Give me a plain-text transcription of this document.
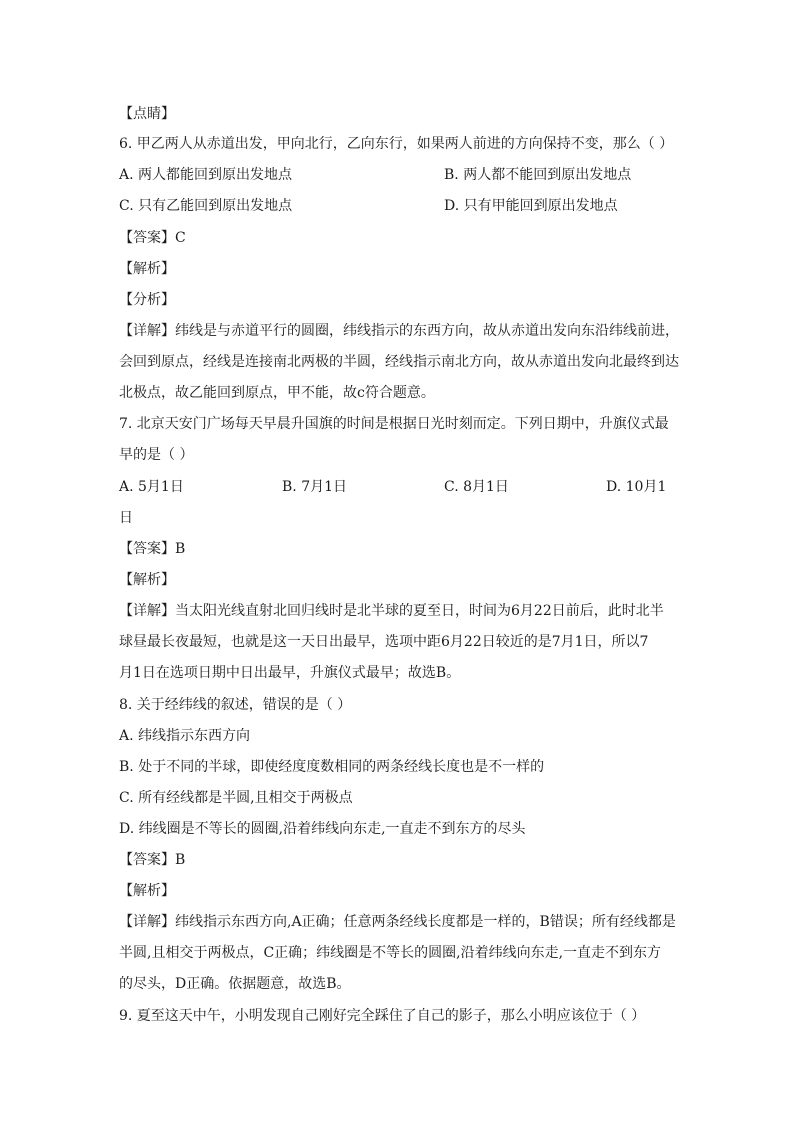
【点睛】
6. 甲乙两人从赤道出发，甲向北行，乙向东行，如果两人前进的方向保持不变，那么（ ）
A. 两人都能回到原出发地点	B. 两人都不能回到原出发地点
C. 只有乙能回到原出发地点	D. 只有甲能回到原出发地点
【答案】C
【解析】
【分析】
【详解】纬线是与赤道平行的圆圈，纬线指示的东西方向，故从赤道出发向东沿纬线前进，
会回到原点，经线是连接南北两极的半圆，经线指示南北方向，故从赤道出发向北最终到达
北极点，故乙能回到原点，甲不能，故c符合题意。
7. 北京天安门广场每天早晨升国旗的时间是根据日光时刻而定。下列日期中，升旗仪式最
早的是（ ）
A. 5月1日	B. 7月1日	C. 8月1日	D. 10月1
日
【答案】B
【解析】
【详解】当太阳光线直射北回归线时是北半球的夏至日，时间为6月22日前后，此时北半
球昼最长夜最短，也就是这一天日出最早，选项中距6月22日较近的是7月1日，所以7
月1日在选项日期中日出最早，升旗仪式最早；故选B。
8. 关于经纬线的叙述，错误的是（ ）
A. 纬线指示东西方向
B. 处于不同的半球，即使经度度数相同的两条经线长度也是不一样的
C. 所有经线都是半圆,且相交于两极点
D. 纬线圈是不等长的圆圈,沿着纬线向东走,一直走不到东方的尽头
【答案】B
【解析】
【详解】纬线指示东西方向,A正确；任意两条经线长度都是一样的，B错误；所有经线都是
半圆,且相交于两极点，C正确；纬线圈是不等长的圆圈,沿着纬线向东走,一直走不到东方
的尽头，D正确。依据题意，故选B。
9. 夏至这天中午，小明发现自己刚好完全踩住了自己的影子，那么小明应该位于（ ）
